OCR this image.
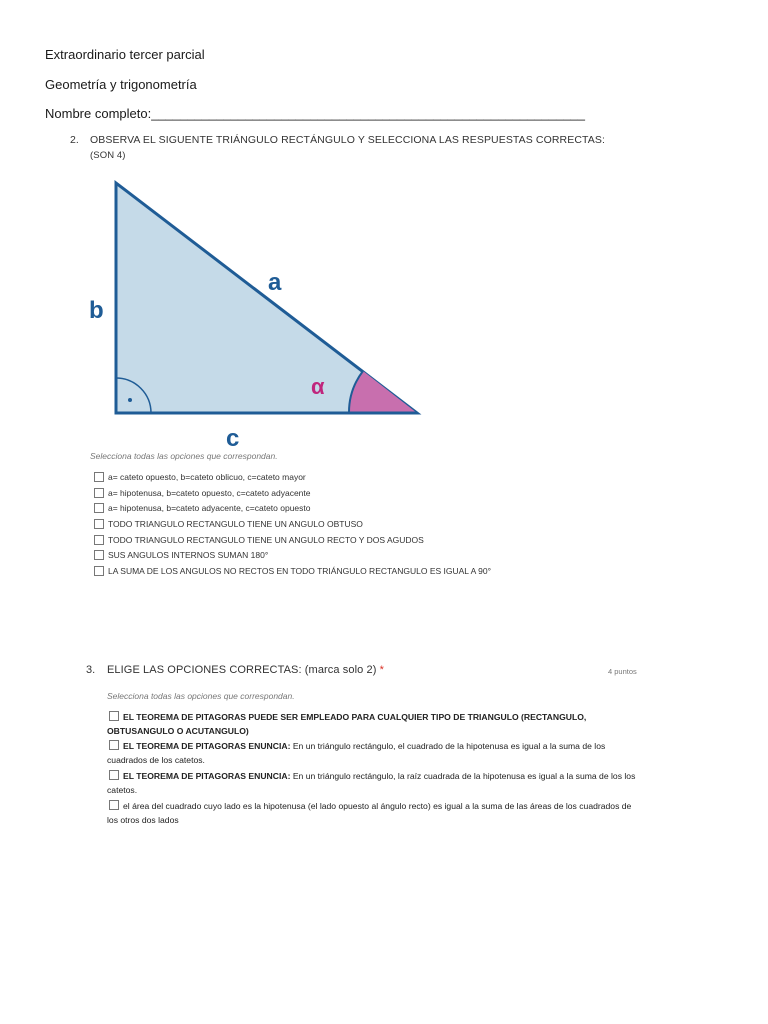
Extraordinario tercer parcial
Geometría y trigonometría
Nombre completo:____________________________________________________________
2. OBSERVA EL SIGUENTE TRIÁNGULO RECTÁNGULO Y SELECCIONA LAS RESPUESTAS CORRECTAS:
(SON 4)
a
b
c
α
Selecciona todas las opciones que correspondan.
a= cateto opuesto, b=cateto oblicuo, c=cateto mayor
a= hipotenusa, b=cateto opuesto, c=cateto adyacente
a= hipotenusa, b=cateto adyacente, c=cateto opuesto
TODO TRIANGULO RECTANGULO TIENE UN ANGULO OBTUSO
TODO TRIANGULO RECTANGULO TIENE UN ANGULO RECTO Y DOS AGUDOS
SUS ANGULOS INTERNOS SUMAN 180°
LA SUMA DE LOS ANGULOS NO RECTOS EN TODO TRIÁNGULO RECTANGULO ES IGUAL A 90°
3. ELIGE LAS OPCIONES CORRECTAS: (marca solo 2) *	4 puntos
Selecciona todas las opciones que correspondan.
EL TEOREMA DE PITAGORAS PUEDE SER EMPLEADO PARA CUALQUIER TIPO DE TRIANGULO (RECTANGULO, OBTUSANGULO O ACUTANGULO)
EL TEOREMA DE PITAGORAS ENUNCIA: En un triángulo rectángulo, el cuadrado de la hipotenusa es igual a la suma de los cuadrados de los catetos.
EL TEOREMA DE PITAGORAS ENUNCIA: En un triángulo rectángulo, la raíz cuadrada de la hipotenusa es igual a la suma de los los catetos.
el área del cuadrado cuyo lado es la hipotenusa (el lado opuesto al ángulo recto) es igual a la suma de las áreas de los cuadrados de los otros dos lados
